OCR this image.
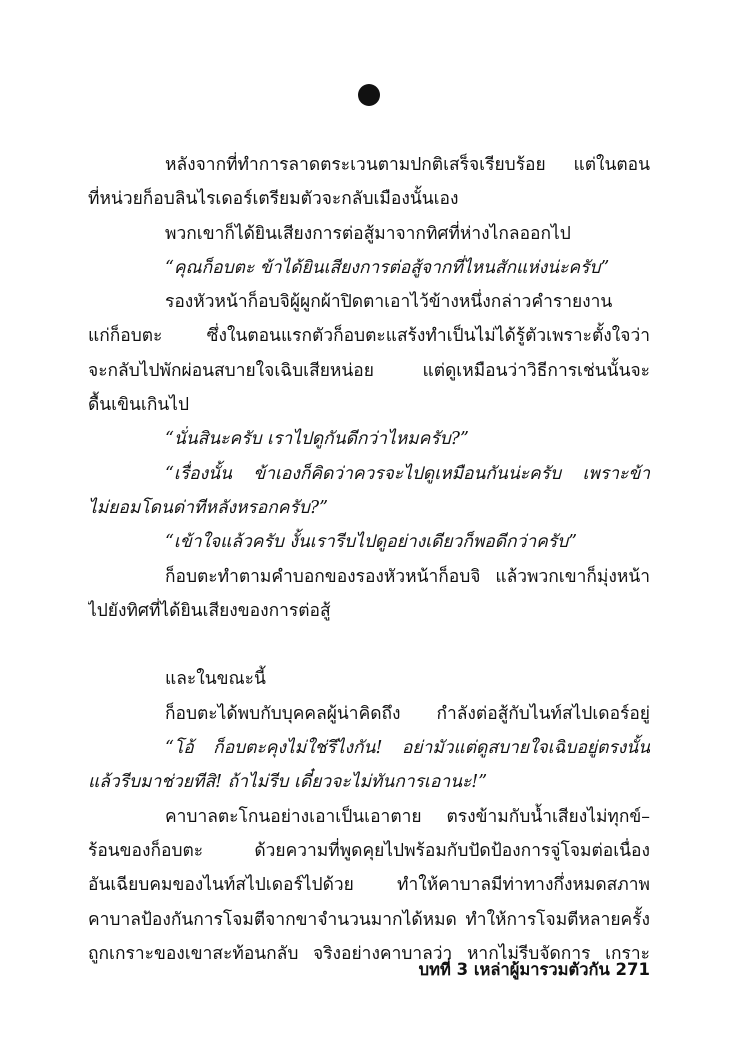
หลังจากที่ทำการลาดตระเวนตามปกติเสร็จเรียบร้อย แต่ในตอน
ที่หน่วยก็อบลินไรเดอร์เตรียมตัวจะกลับเมืองนั้นเอง
พวกเขาก็ได้ยินเสียงการต่อสู้มาจากทิศที่ห่างไกลออกไป
“คุณก็อบตะ ข้าได้ยินเสียงการต่อสู้จากที่ไหนสักแห่งน่ะครับ”
รองหัวหน้าก็อบจิผู้ผูกผ้าปิดตาเอาไว้ข้างหนึ่งกล่าวคำรายงาน
แก่ก็อบตะ ซึ่งในตอนแรกตัวก็อบตะแสร้งทำเป็นไม่ได้รู้ตัวเพราะตั้งใจว่า
จะกลับไปพักผ่อนสบายใจเฉิบเสียหน่อย แต่ดูเหมือนว่าวิธีการเช่นนั้นจะ
ดื้นเขินเกินไป
“นั่นสินะครับ เราไปดูกันดีกว่าไหมครับ?”
“เรื่องนั้น ข้าเองก็คิดว่าควรจะไปดูเหมือนกันน่ะครับ เพราะข้า
ไม่ยอมโดนด่าทีหลังหรอกครับ?”
“เข้าใจแล้วครับ งั้นเรารีบไปดูอย่างเดียวก็พอดีกว่าครับ”
ก็อบตะทำตามคำบอกของรองหัวหน้าก็อบจิ แล้วพวกเขาก็มุ่งหน้า
ไปยังทิศที่ได้ยินเสียงของการต่อสู้
และในขณะนี้
ก็อบตะได้พบกับบุคคลผู้น่าคิดถึง กำลังต่อสู้กับไนท์สไปเดอร์อยู่
“โอ้ ก็อบตะคุงไม่ใช่รึไงกัน! อย่ามัวแต่ดูสบายใจเฉิบอยู่ตรงนั้น
แล้วรีบมาช่วยทีสิ! ถ้าไม่รีบ เดี๋ยวจะไม่ทันการเอานะ!”
คาบาลตะโกนอย่างเอาเป็นเอาตาย ตรงข้ามกับน้ำเสียงไม่ทุกข์–
ร้อนของก็อบตะ ด้วยความที่พูดคุยไปพร้อมกับปัดป้องการจู่โจมต่อเนื่อง
อันเฉียบคมของไนท์สไปเดอร์ไปด้วย ทำให้คาบาลมีท่าทางกึ่งหมดสภาพ
คาบาลป้องกันการโจมตีจากขาจำนวนมากได้หมด ทำให้การโจมตีหลายครั้ง
ถูกเกราะของเขาสะท้อนกลับ จริงอย่างคาบาลว่า หากไม่รีบจัดการ เกราะ
บทที่ 3 เหล่าผู้มารวมตัวกัน 271
